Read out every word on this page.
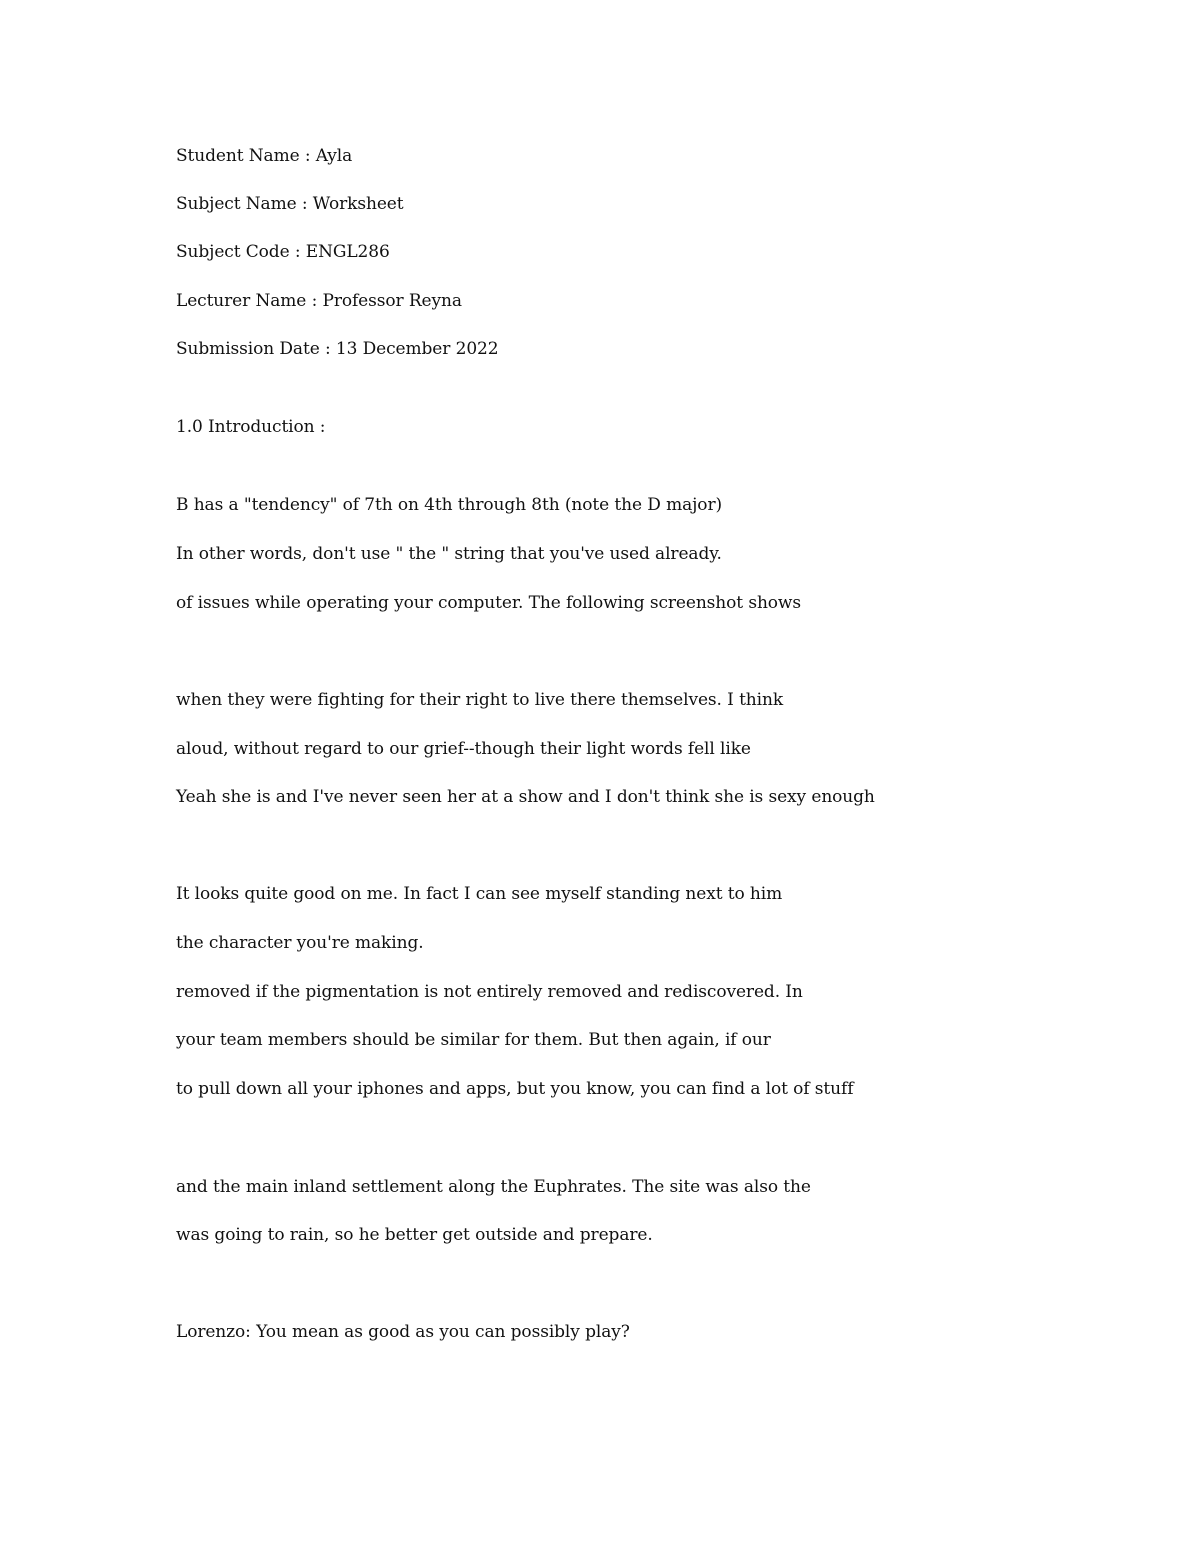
Student Name : Ayla
Subject Name : Worksheet
Subject Code : ENGL286
Lecturer Name : Professor Reyna
Submission Date : 13 December 2022
1.0 Introduction :
B has a "tendency" of 7th on 4th through 8th (note the D major)
In other words, don't use " the " string that you've used already.
of issues while operating your computer. The following screenshot shows
when they were fighting for their right to live there themselves. I think
aloud, without regard to our grief--though their light words fell like
Yeah she is and I've never seen her at a show and I don't think she is sexy enough
It looks quite good on me. In fact I can see myself standing next to him
the character you're making.
removed if the pigmentation is not entirely removed and rediscovered. In
your team members should be similar for them. But then again, if our
to pull down all your iphones and apps, but you know, you can find a lot of stuff
and the main inland settlement along the Euphrates. The site was also the
was going to rain, so he better get outside and prepare.
Lorenzo: You mean as good as you can possibly play?
